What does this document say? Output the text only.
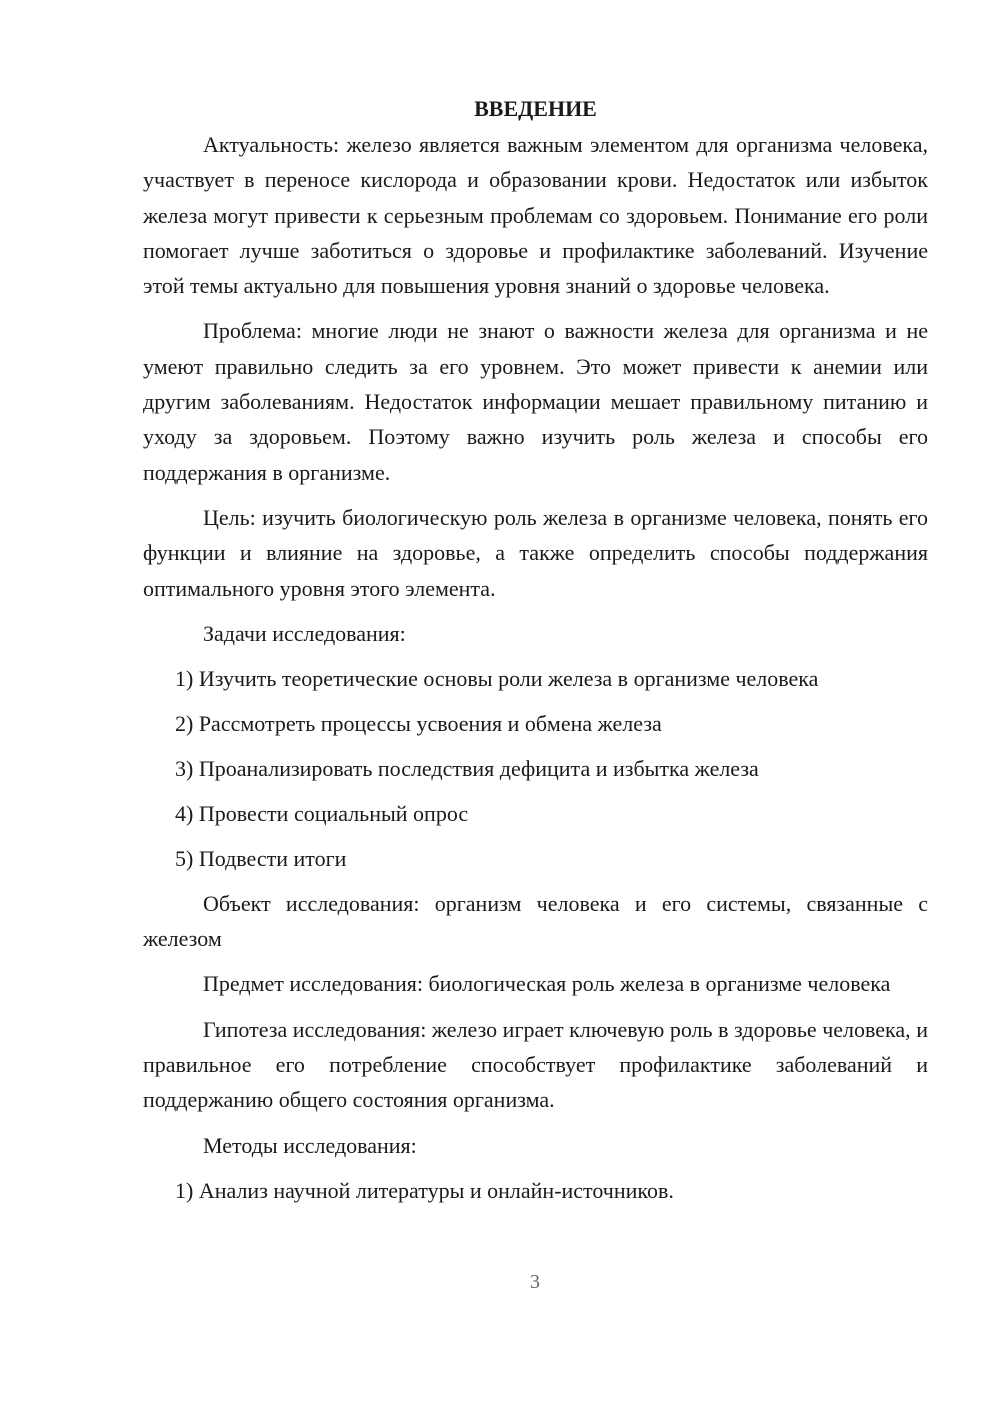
ВВЕДЕНИЕ

Актуальность: железо является важным элементом для организма человека, участвует в переносе кислорода и образовании крови. Недостаток или избыток железа могут привести к серьезным проблемам со здоровьем. Понимание его роли помогает лучше заботиться о здоровье и профилактике заболеваний. Изучение этой темы актуально для повышения уровня знаний о здоровье человека.

Проблема: многие люди не знают о важности железа для организма и не умеют правильно следить за его уровнем. Это может привести к анемии или другим заболеваниям. Недостаток информации мешает правильному питанию и уходу за здоровьем. Поэтому важно изучить роль железа и способы его поддержания в организме.

Цель: изучить биологическую роль железа в организме человека, понять его функции и влияние на здоровье, а также определить способы поддержания оптимального уровня этого элемента.

Задачи исследования:
1) Изучить теоретические основы роли железа в организме человека
2) Рассмотреть процессы усвоения и обмена железа
3) Проанализировать последствия дефицита и избытка железа
4) Провести социальный опрос
5) Подвести итоги

Объект исследования: организм человека и его системы, связанные с железом

Предмет исследования: биологическая роль железа в организме человека

Гипотеза исследования: железо играет ключевую роль в здоровье человека, и правильное его потребление способствует профилактике заболеваний и поддержанию общего состояния организма.

Методы исследования:
1) Анализ научной литературы и онлайн-источников.
3
